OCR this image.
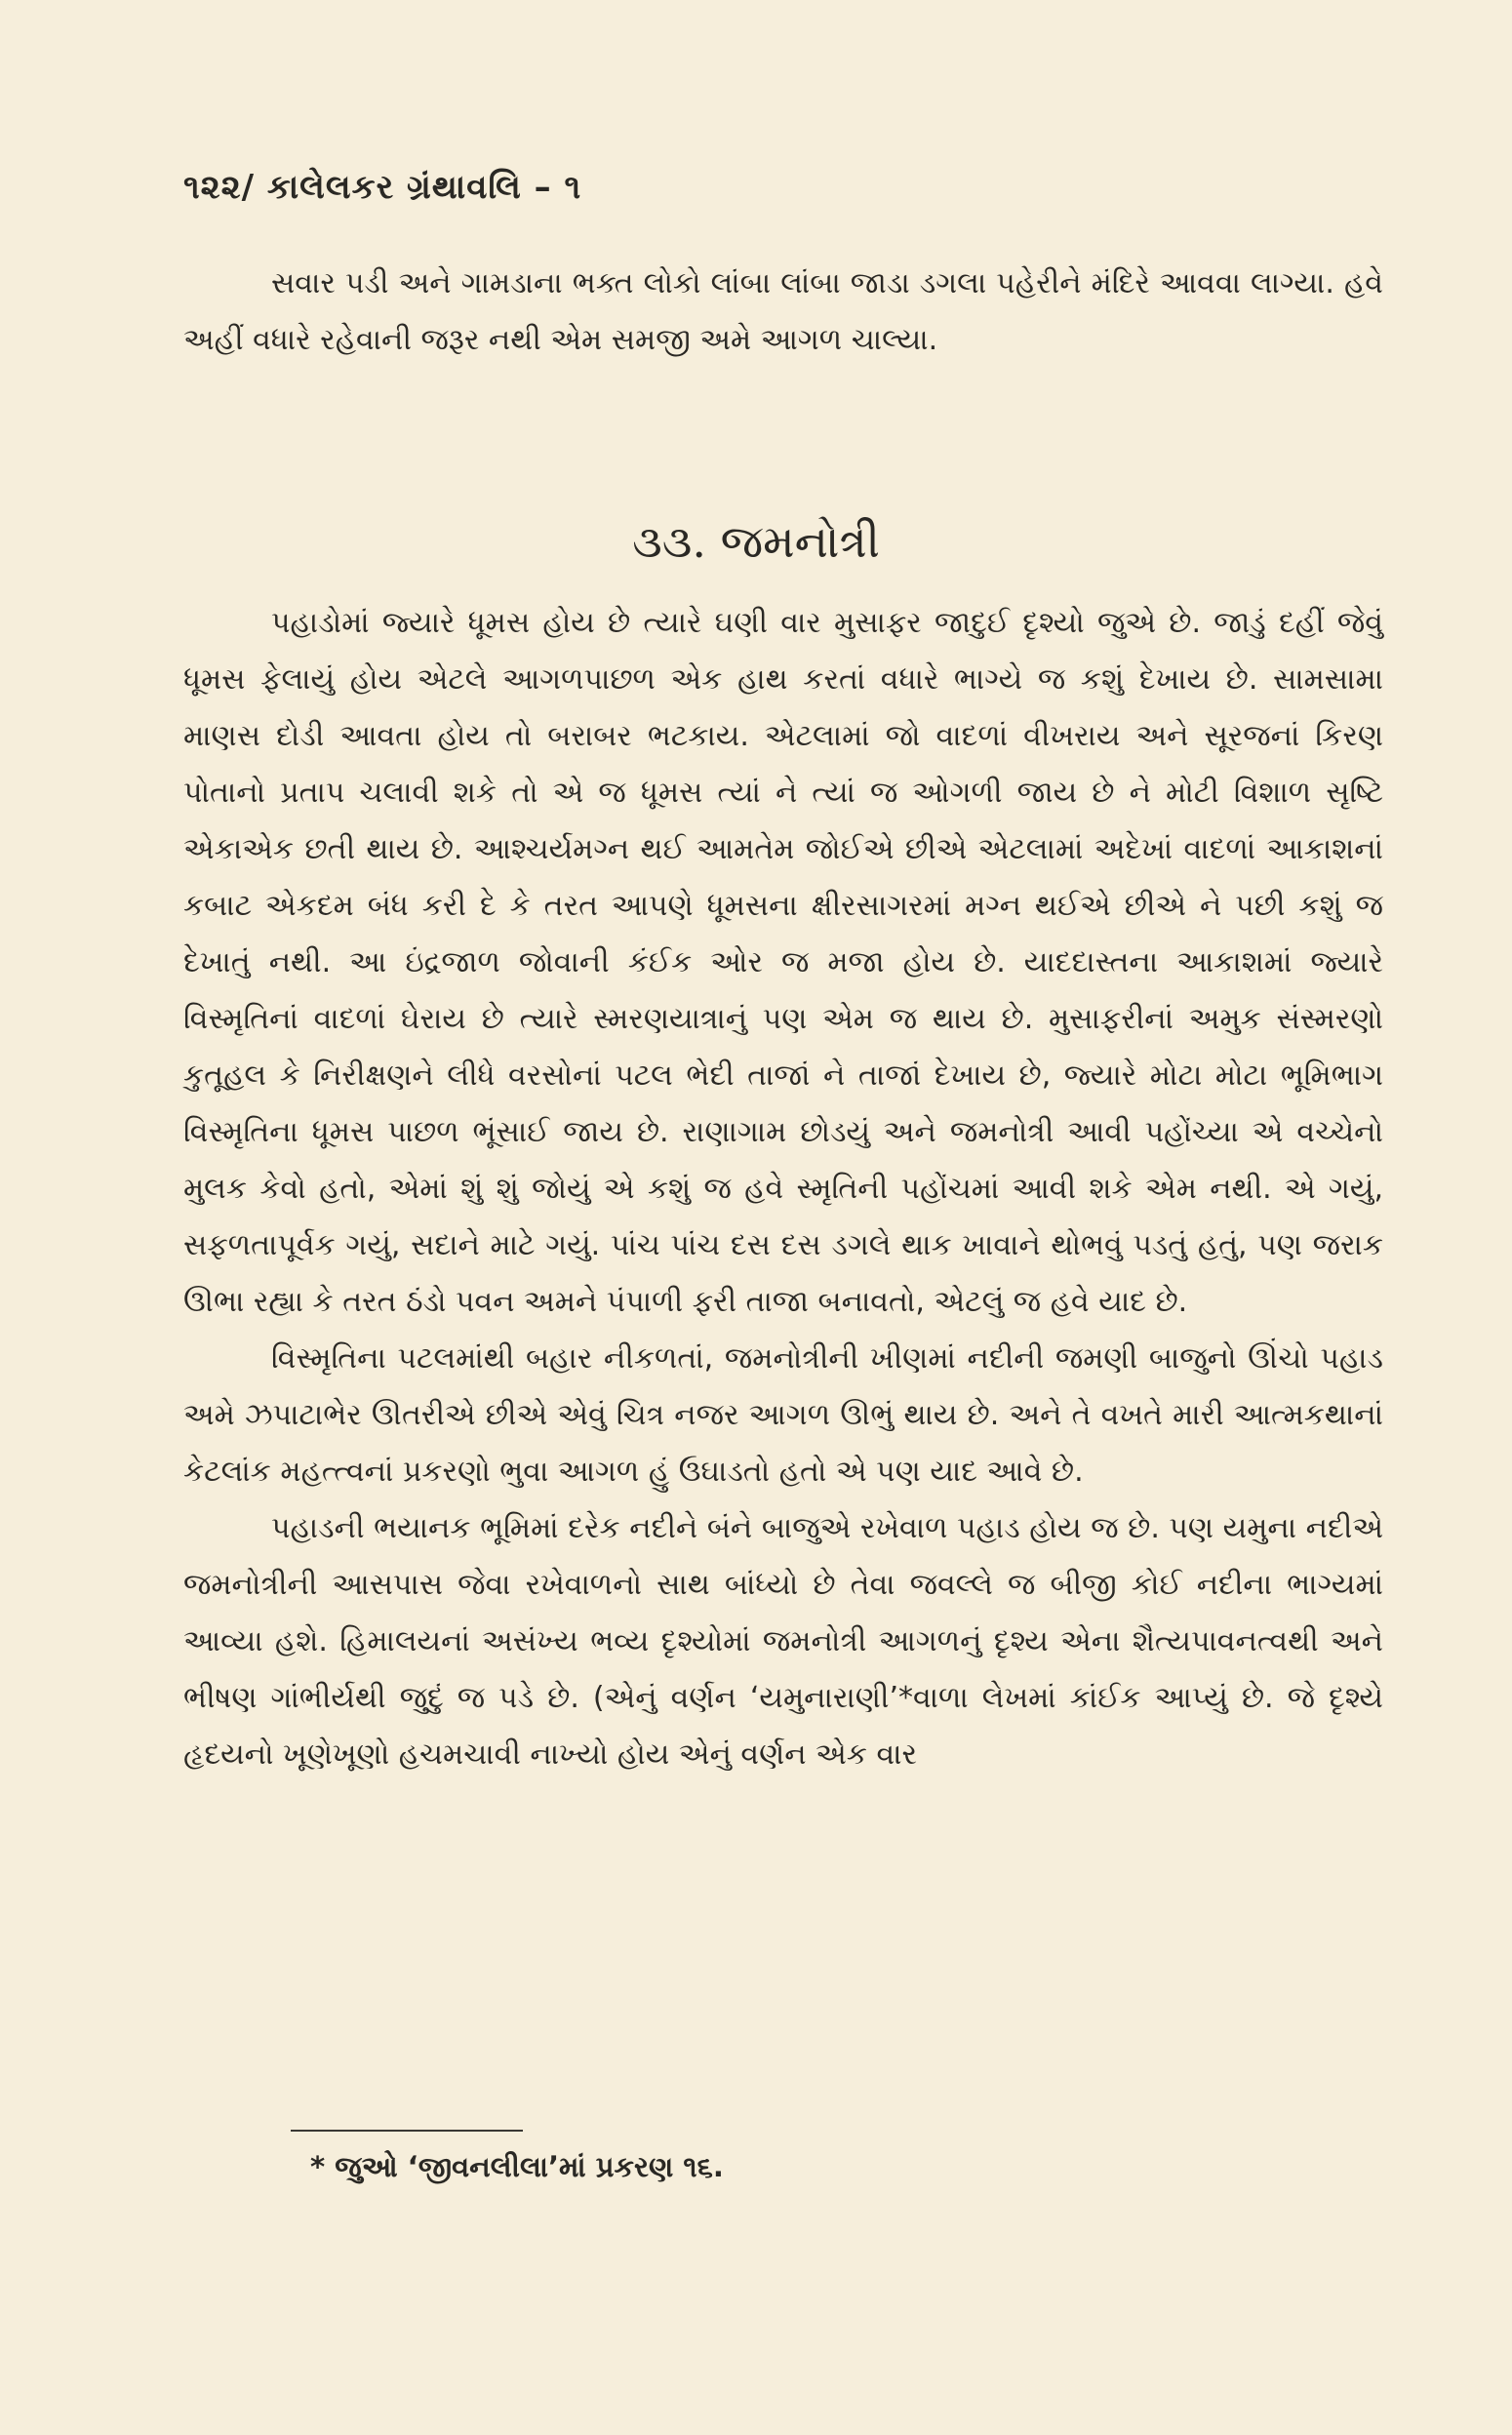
૧૨૨/ કાલેલકર ગ્રંથાવલિ – ૧

સવાર પડી અને ગામડાના ભક્ત લોકો લાંબા લાંબા જાડા ડગલા પહેરીને મંદિરે આવવા લાગ્યા. હવે અહીં વધારે રહેવાની જરૂર નથી એમ સમજી અમે આગળ ચાલ્યા.

૩૩. જમનોત્રી

પહાડોમાં જ્યારે ધૂમસ હોય છે ત્યારે ઘણી વાર મુસાફર જાદુઈ દૃશ્યો જુએ છે. જાડું દહીં જેવું ધૂમસ ફેલાયું હોય એટલે આગળપાછળ એક હાથ કરતાં વધારે ભાગ્યે જ કશું દેખાય છે. સામસામા માણસ દોડી આવતા હોય તો બરાબર ભટકાય. એટલામાં જો વાદળાં વીખરાય અને સૂરજનાં કિરણ પોતાનો પ્રતાપ ચલાવી શકે તો એ જ ધૂમસ ત્યાં ને ત્યાં જ ઓગળી જાય છે ને મોટી વિશાળ સૃષ્ટિ એકાએક છતી થાય છે. આશ્ચર્યમગ્ન થઈ આમતેમ જોઈએ છીએ એટલામાં અદેખાં વાદળાં આકાશનાં કબાટ એકદમ બંધ કરી દે કે તરત આપણે ધૂમસના ક્ષીરસાગરમાં મગ્ન થઈએ છીએ ને પછી કશું જ દેખાતું નથી. આ ઇંદ્રજાળ જોવાની કંઈક ઓર જ મજા હોય છે. યાદદાસ્તના આકાશમાં જ્યારે વિસ્મૃતિનાં વાદળાં ઘેરાય છે ત્યારે સ્મરણયાત્રાનું પણ એમ જ થાય છે. મુસાફરીનાં અમુક સંસ્મરણો કુતૂહલ કે નિરીક્ષણને લીધે વરસોનાં પટલ ભેદી તાજાં ને તાજાં દેખાય છે, જ્યારે મોટા મોટા ભૂમિભાગ વિસ્મૃતિના ધૂમસ પાછળ ભૂંસાઈ જાય છે. રાણાગામ છોડયું અને જમનોત્રી આવી પહોંચ્યા એ વચ્ચેનો મુલક કેવો હતો, એમાં શું શું જોયું એ કશું જ હવે સ્મૃતિની પહોંચમાં આવી શકે એમ નથી. એ ગયું, સફળતાપૂર્વક ગયું, સદાને માટે ગયું. પાંચ પાંચ દસ દસ ડગલે થાક ખાવાને થોભવું પડતું હતું, પણ જરાક ઊભા રહ્યા કે તરત ઠંડો પવન અમને પંપાળી ફરી તાજા બનાવતો, એટલું જ હવે યાદ છે.

વિસ્મૃતિના પટલમાંથી બહાર નીકળતાં, જમનોત્રીની ખીણમાં નદીની જમણી બાજુનો ઊંચો પહાડ અમે ઝપાટાભેર ઊતરીએ છીએ એવું ચિત્ર નજર આગળ ઊભું થાય છે. અને તે વખતે મારી આત્મકથાનાં કેટલાંક મહત્ત્વનાં પ્રકરણો ભુવા આગળ હું ઉઘાડતો હતો એ પણ યાદ આવે છે.

પહાડની ભયાનક ભૂમિમાં દરેક નદીને બંને બાજુએ રખેવાળ પહાડ હોય જ છે. પણ યમુના નદીએ જમનોત્રીની આસપાસ જેવા રખેવાળનો સાથ બાંધ્યો છે તેવા જવલ્લે જ બીજી કોઈ નદીના ભાગ્યમાં આવ્યા હશે. હિમાલયનાં અસંખ્ય ભવ્ય દૃશ્યોમાં જમનોત્રી આગળનું દૃશ્ય એના શૈત્યપાવનત્વથી અને ભીષણ ગાંભીર્યથી જુદું જ પડે છે. (એનું વર્ણન ‘યમુનારાણી’*વાળા લેખમાં કાંઈક આપ્યું છે. જે દૃશ્યે હૃદયનો ખૂણેખૂણો હચમચાવી નાખ્યો હોય એનું વર્ણન એક વાર

* જુઓ ‘જીવનલીલા’માં પ્રકરણ ૧૬.
